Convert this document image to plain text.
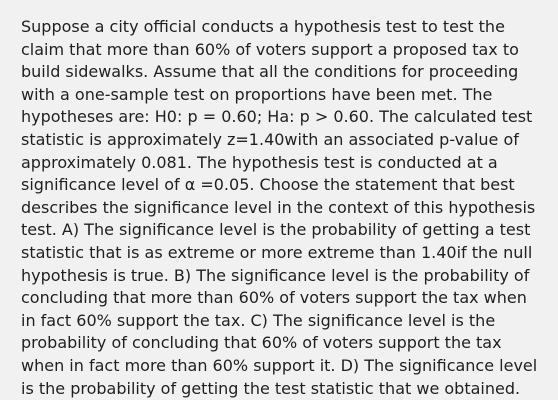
Suppose a city official conducts a hypothesis test to test the claim that more than 60% of voters support a proposed tax to build sidewalks. Assume that all the conditions for proceeding with a one-sample test on proportions have been met. The hypotheses are: H0: p = 0.60; Ha: p > 0.60. The calculated test statistic is approximately z=1.40with an associated p-value of approximately 0.081. The hypothesis test is conducted at a significance level of α =0.05. Choose the statement that best describes the significance level in the context of this hypothesis test. A) The significance level is the probability of getting a test statistic that is as extreme or more extreme than 1.40if the null hypothesis is true. B) The significance level is the probability of concluding that more than 60% of voters support the tax when in fact 60% support the tax. C) The significance level is the probability of concluding that 60% of voters support the tax when in fact more than 60% support it. D) The significance level is the probability of getting the test statistic that we obtained.
